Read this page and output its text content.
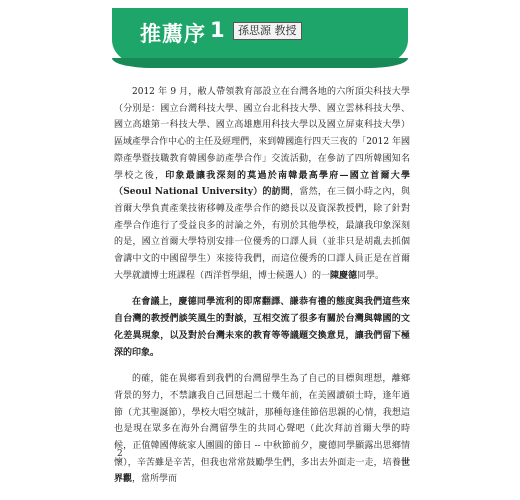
推薦序 1	孫思源 教授

2012 年 9 月，敝人帶領教育部設立在台灣各地的六所頂尖科技大學（分別是：國立台灣科技大學、國立台北科技大學、國立雲林科技大學、國立高雄第一科技大學、國立高雄應用科技大學以及國立屏東科技大學）區域產學合作中心的主任及經理們，來到韓國進行四天三夜的「2012 年國際產學暨技職教育韓國參訪產學合作」交流活動，在參訪了四所韓國知名學校之後，印象最讓我深刻的莫過於南韓最高學府—國立首爾大學（Seoul National University）的訪問，當然，在三個小時之內，與首爾大學負責產業技術移轉及產學合作的總長以及資深教授們，除了針對產學合作進行了受益良多的討論之外，有別於其他學校，最讓我印象深刻的是，國立首爾大學特別安排一位優秀的口譯人員（並非只是胡亂去抓個會講中文的中國留學生）來接待我們，而這位優秀的口譯人員正是在首爾大學就讀博士班課程（西洋哲學組，博士候選人）的一陳慶德同學。

在會議上，慶德同學流利的即席翻譯、謙恭有禮的態度與我們這些來自台灣的教授們談笑風生的對談，互相交流了很多有關於台灣與韓國的文化差異現象，以及對於台灣未來的教育等等議題交換意見，讓我們留下極深的印象。

的確，能在異鄉看到我們的台灣留學生為了自己的目標與理想，離鄉背景的努力，不禁讓我自己回想起二十幾年前，在美國讀碩士時，逢年過節（尤其聖誕節），學校大唱空城計，那種每逢佳節倍思親的心情，我想這也是現在眾多在海外台灣留學生的共同心聲吧（此次拜訪首爾大學的時候，正值韓國傳統家人團圓的節日 -- 中秋節前夕，慶德同學顯露出思鄉情懷），辛苦雖是辛苦，但我也常常鼓勵學生們，多出去外面走一走，培養世界觀，當所學而

2
